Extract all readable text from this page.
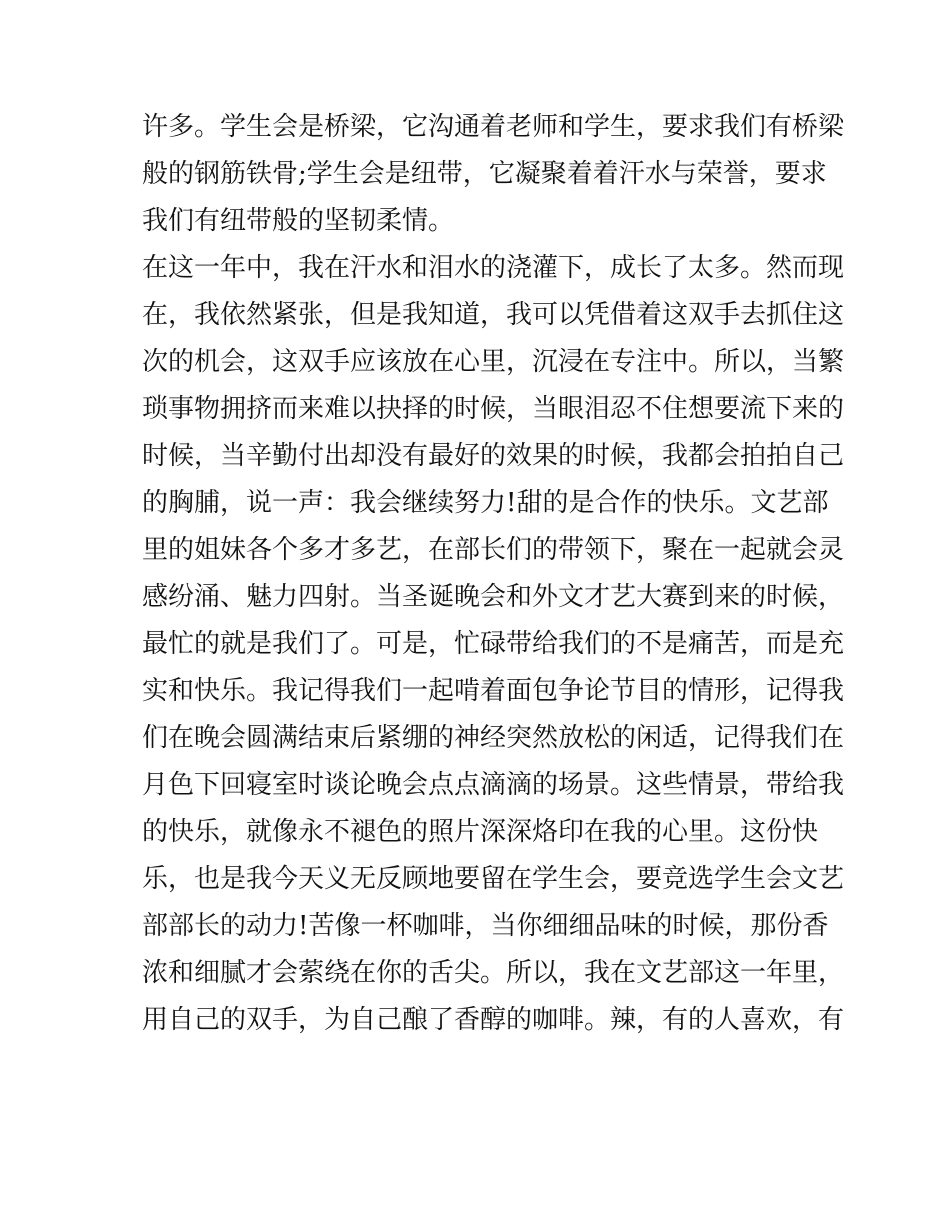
许多。学生会是桥梁，它沟通着老师和学生，要求我们有桥梁

般的钢筋铁骨;学生会是纽带，它凝聚着着汗水与荣誉，要求

我们有纽带般的坚韧柔情。

在这一年中，我在汗水和泪水的浇灌下，成长了太多。然而现

在，我依然紧张，但是我知道，我可以凭借着这双手去抓住这

次的机会，这双手应该放在心里，沉浸在专注中。所以，当繁

琐事物拥挤而来难以抉择的时候，当眼泪忍不住想要流下来的

时候，当辛勤付出却没有最好的效果的时候，我都会拍拍自己

的胸脯，说一声：我会继续努力!甜的是合作的快乐。文艺部

里的姐妹各个多才多艺，在部长们的带领下，聚在一起就会灵

感纷涌、魅力四射。当圣诞晚会和外文才艺大赛到来的时候，

最忙的就是我们了。可是，忙碌带给我们的不是痛苦，而是充

实和快乐。我记得我们一起啃着面包争论节目的情形，记得我

们在晚会圆满结束后紧绷的神经突然放松的闲适，记得我们在

月色下回寝室时谈论晚会点点滴滴的场景。这些情景，带给我

的快乐，就像永不褪色的照片深深烙印在我的心里。这份快

乐，也是我今天义无反顾地要留在学生会，要竞选学生会文艺

部部长的动力!苦像一杯咖啡，当你细细品味的时候，那份香

浓和细腻才会萦绕在你的舌尖。所以，我在文艺部这一年里，

用自己的双手，为自己酿了香醇的咖啡。辣，有的人喜欢，有
